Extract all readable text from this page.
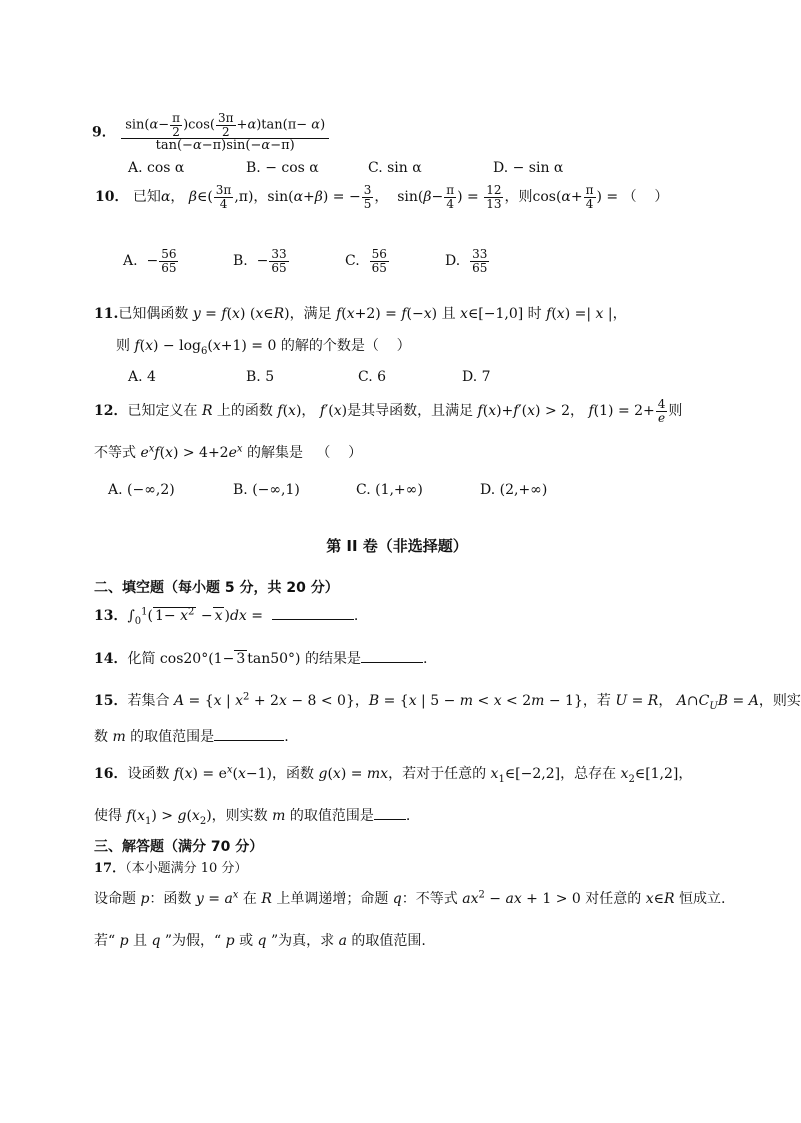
9． $\frac{\sin(\alpha- \frac{\pi}{2} )\cos( \frac{3\pi}{2} +\alpha)\tan(\pi- \alpha)}{\tan(-\alpha-\pi)\sin(-\alpha-\pi)}$
A. cos α	B. − cos α	C. sin α	D. − sin α
10． 已知α， β∈( $\frac{3\pi}{4} ,\pi$)，sin(α+β) = − $\frac{3}{5}$ ，  $\sin(\beta- \frac{\pi}{4}$ ) = $\frac{12}{13}$ ，则$\cos(\alpha+ \frac{\pi}{4}$ ) = （    ）
A.  − $\frac{56}{65}$	B.  − $\frac{33}{65}$	C. $\frac{56}{65}$	D. $\frac{33}{65}$
11.已知偶函数 y = f(x) (x∈R)，满足 f(x+2) = f(−x) 且 x∈[−1,0] 时 f(x) =| x |，
则 $f(x) - \log_6(x+1) = 0$ 的解的个数是（    ）
A. 4	B. 5	C. 6	D. 7
12．已知定义在 R 上的函数 f(x)， f′(x)是其导函数，且满足 f(x)+f′(x) > 2， $f(1) = 2+ \frac{4}{e}$ 则
不等式 $e^xf(x) > 4+2e^x$ 的解集是   （    ）
A. (−∞,2)	B. (−∞,1)	C. (1,+∞)	D. (2,+∞)
第 II 卷（非选择题）
二、填空题（每小题 5 分，共 20 分）
13．$\int_0^1$( $1- x^2 - x$ )dx =	.
14．化简 cos20°(1− 3 tan50°) 的结果是	.
15．若集合 A = {x | $x^2 + 2x - 8 < 0$}，B = {x | 5 − m < x < 2m − 1}，若 U = R， $A\cap C_UB = A$，则实
数 m 的取值范围是	.
16．设函数 $f(x) = e^x(x-1)$，函数 g(x) = mx，若对于任意的 $x_1\in[-2,2]$，总存在 $x_2\in[1,2]$，
使得 $f(x_1) > g(x_2)$，则实数 m 的取值范围是 .
三、解答题（满分 70 分）
17．（本小题满分 10 分）
设命题 p：函数 $y = a^x$ 在 R 上单调递增；命题 q：不等式 $ax^2$ − ax + 1 > 0 对任意的 x∈R 恒成立.
若“ p 且 q ”为假，“ p 或 q ”为真，求 a 的取值范围.
